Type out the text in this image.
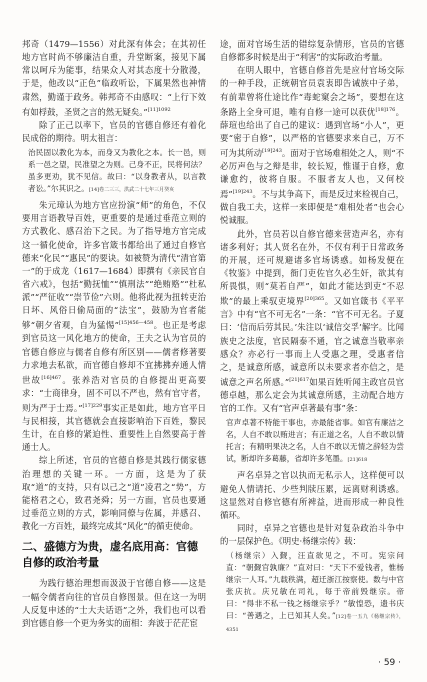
邦奇（1479—1556）对此深有体会；在其初任地方官时尚不够廉洁自重，升堂断案，接见下属常以呵斥为能事，结果众人对其态度十分散漫，于是，他改以“正色”临政听讼，下属果然也神情肃然，勤谨于政务。韩邦奇不由感叹：“上行下效有如桴鼓，圣贤之言的然无疑矣。”$^{[11]1092}$

除了正己以率下，官员的官德自修还有着化民成俗的期待。明太祖言：

治民固以教化为本，而身又为教化之本。长一邑，则系一邑之望，民准望之为则。己身不正，民将何法？虽多更劝，犹不见信。故曰：“以身教者从，以言教者讼。”尔其识之。[14]卷二三三，洪武二十七年三月癸亥

朱元璋认为地方官应扮演“师”的角色，不仅要用言语教导百姓，更重要的是通过垂范立则的方式教化、感召治下之民。为了指导地方官完成这一循化使命，许多官箴书都给出了通过自修官德来“化民”“惠民”的要诀。如被赞为清代“清官第一”的于成龙（1617—1684）即撰有《亲民官自省六戒》，包括“勤抚恤”“慎刑法”“绝贿赂”“杜私派”“严征收”“崇节俭”六则。他将此视为扭转吏治日坏、风俗日偷局面的“法宝”，鼓励为官者能够“朝夕省观，自为猛惕”$^{[15]456—458}$。也正是考虑到官员这一风化地方的使命，王夫之认为官员的官德自修应与儒者自修有所区别——儒者修著要力求地去私欲，而官德自修却不宜拂拂弃通人情世故$^{[16]467}$。张养浩对官员的自修提出更高要求：“士商律身，固不可以不严也，然有官守者，则为严于士焉。”$^{[17]229}$事实正是如此，地方官平日与民相接，其官德就会直接影响治下百姓，黎民生计，在自修的紧迫性、重要性上自然要高于普通士人。

综上所述，官员的官德自修是其践行儒家德治理想的关键一环。一方面，这是为了获取“道”的支持，只有以己之“道”凌君之“势”，方能格君之心，致君尧舜；另一方面，官员也要通过垂范立则的方式，影响同僚与佐属，并感召、教化一方百姓，最终完成其“风化”的循吏使命。

二、盛德方为贵，虚名底用高：官德自修的政治考量

为践行德治理想而汲汲于官德自修——这是一幅令儒者向往的官员自修图景。但在这一为明人反复申述的“士大夫话语”之外，我们也可以看到官德自修一个更为务实的面相：奔波于茫茫宦

途，面对官场生活的错综复杂情形，官员的官德自修都多时候是出于“利害”的实际政治考量。

在明人眼中，官德自修首先是应付官场交际的一种手段，正统朝官员袁衷即告诫族中子弟，有前辈曾将仕途比作“毒蛇窠会之场”，要想在这条路上全身可退，唯有自修一途可以获优$^{[18]176}$。薛瑄也给出了自己的建议：遇到官场“小人”，更要“密于自修”，以严格的官德要求来自己，万不可为其所动$^{[19]243}$。面对于官场难相处之人，则“不必厉声色与之辩是非，较长短，惟谨于自修，愈谦愈约，彼将自服。不服者友人也，又何校焉”$^{[19]243}$。不与其争高下，而是反过来检视自己，做自我工夫，这样一来即便是“难相处者”也会心悦诚服。

此外，官员若以自修官德来营造声名，亦有诸多利好；其人贤名在外，不仅有利于日常政务的开展，还可规避诸多官场诱惑。如杨发便在《牧鉴》中提到，衙门吏佐官久必生奸，欲其有所畏惧，则“莫若自严”，如此才能达到吏“不忍欺”的最上乘驭吏境界$^{[20]365}$。又如官箴书《平平言》中有“官不可无名”一条：“官不可无名。子夏曰：‘信而后劳其民。’朱注以‘诚信交孚’解字。比闻族史之法度，官民隔泰不通，官之诚意当敬率亲感众？亦必行一事而上人受惠之理，受惠者信之，是诚意所感，诚意所以未要求者亦信之，是诚意之声名所感。”$^{[21]617}$如果百姓听闻主政官员官德卓越，那么定会为其诚意所感，主动配合地方官的工作。又有“官声卓著最有事”条：

官声卓著不特能干事也，亦最能省事。如官有廉洁之名，人自不敢以贿进言；有正道之名，人自不敢以情托言；有精明果决之名，人自不敢以无情之辞轻为尝试，断却许多葛藤，省却许多笔墨。[21]618

声名卓异之官以执而无私示人，这样便可以避免人情请托、少些判牍压累，远离财利诱惑。这显然对自修官德有所裨益，进而形成一种良性循环。

同时，卓异之官德也是针对复杂政治斗争中的一层保护色。《明史·杨继宗传》载：

（杨继宗）入觐，汪直欲见之，不可。宪宗问直：“朝觐官孰廉？”直对曰：“天下不爱钱者，惟杨继宗一人耳。”九载秩满，超迁浙江按察使。数与中官张庆抗。庆兄敏在司礼，每于帝前毁继宗。帝曰：“得非不私一钱之杨继宗乎？”敏惶恐，遗书庆曰：“善遇之，上已知其人矣。”[12]卷一五九《杨继宗传》，4351

· 59 ·
